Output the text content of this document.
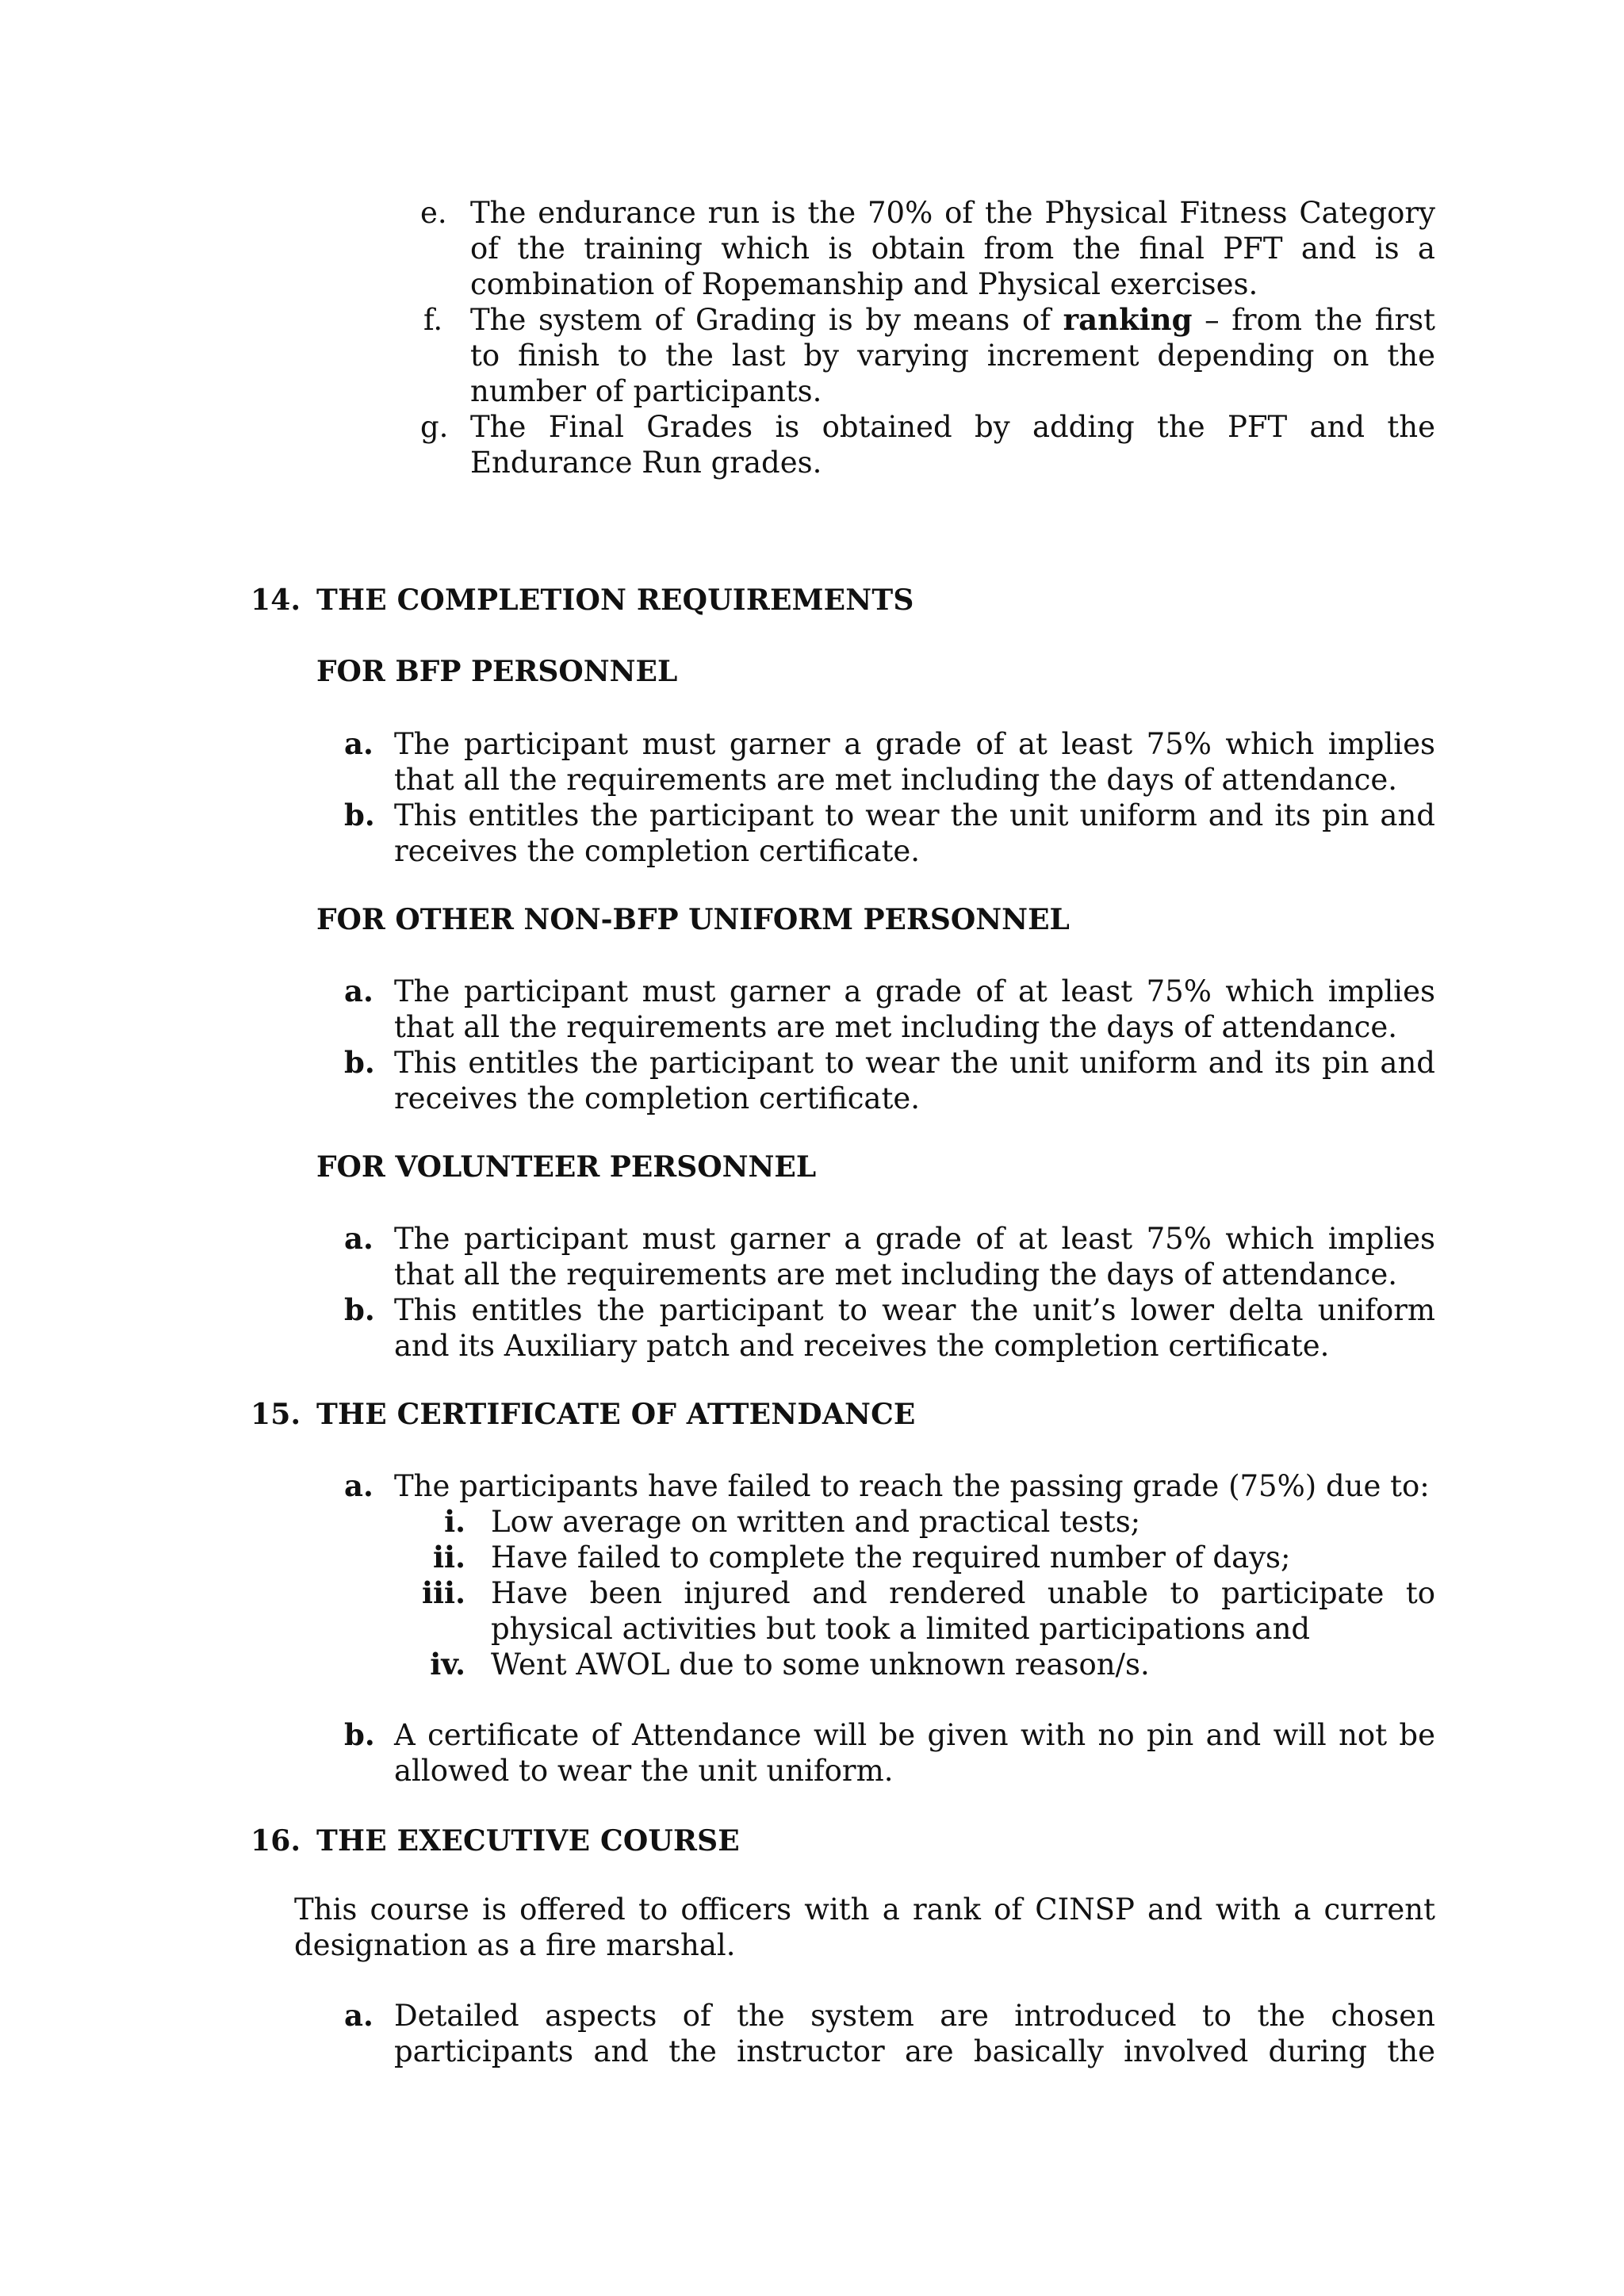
e. The endurance run is the 70% of the Physical Fitness Category of the training which is obtain from the final PFT and is a combination of Ropemanship and Physical exercises.
f. The system of Grading is by means of ranking – from the first to finish to the last by varying increment depending on the number of participants.
g. The Final Grades is obtained by adding the PFT and the Endurance Run grades.
14. THE COMPLETION REQUIREMENTS
FOR BFP PERSONNEL
a. The participant must garner a grade of at least 75% which implies that all the requirements are met including the days of attendance.
b. This entitles the participant to wear the unit uniform and its pin and receives the completion certificate.
FOR OTHER NON-BFP UNIFORM PERSONNEL
a. The participant must garner a grade of at least 75% which implies that all the requirements are met including the days of attendance.
b. This entitles the participant to wear the unit uniform and its pin and receives the completion certificate.
FOR VOLUNTEER PERSONNEL
a. The participant must garner a grade of at least 75% which implies that all the requirements are met including the days of attendance.
b. This entitles the participant to wear the unit’s lower delta uniform and its Auxiliary patch and receives the completion certificate.
15. THE CERTIFICATE OF ATTENDANCE
a. The participants have failed to reach the passing grade (75%) due to:
i. Low average on written and practical tests;
ii. Have failed to complete the required number of days;
iii. Have been injured and rendered unable to participate to physical activities but took a limited participations and
iv. Went AWOL due to some unknown reason/s.
b. A certificate of Attendance will be given with no pin and will not be allowed to wear the unit uniform.
16. THE EXECUTIVE COURSE
This course is offered to officers with a rank of CINSP and with a current designation as a fire marshal.
a. Detailed aspects of the system are introduced to the chosen participants and the instructor are basically involved during the
